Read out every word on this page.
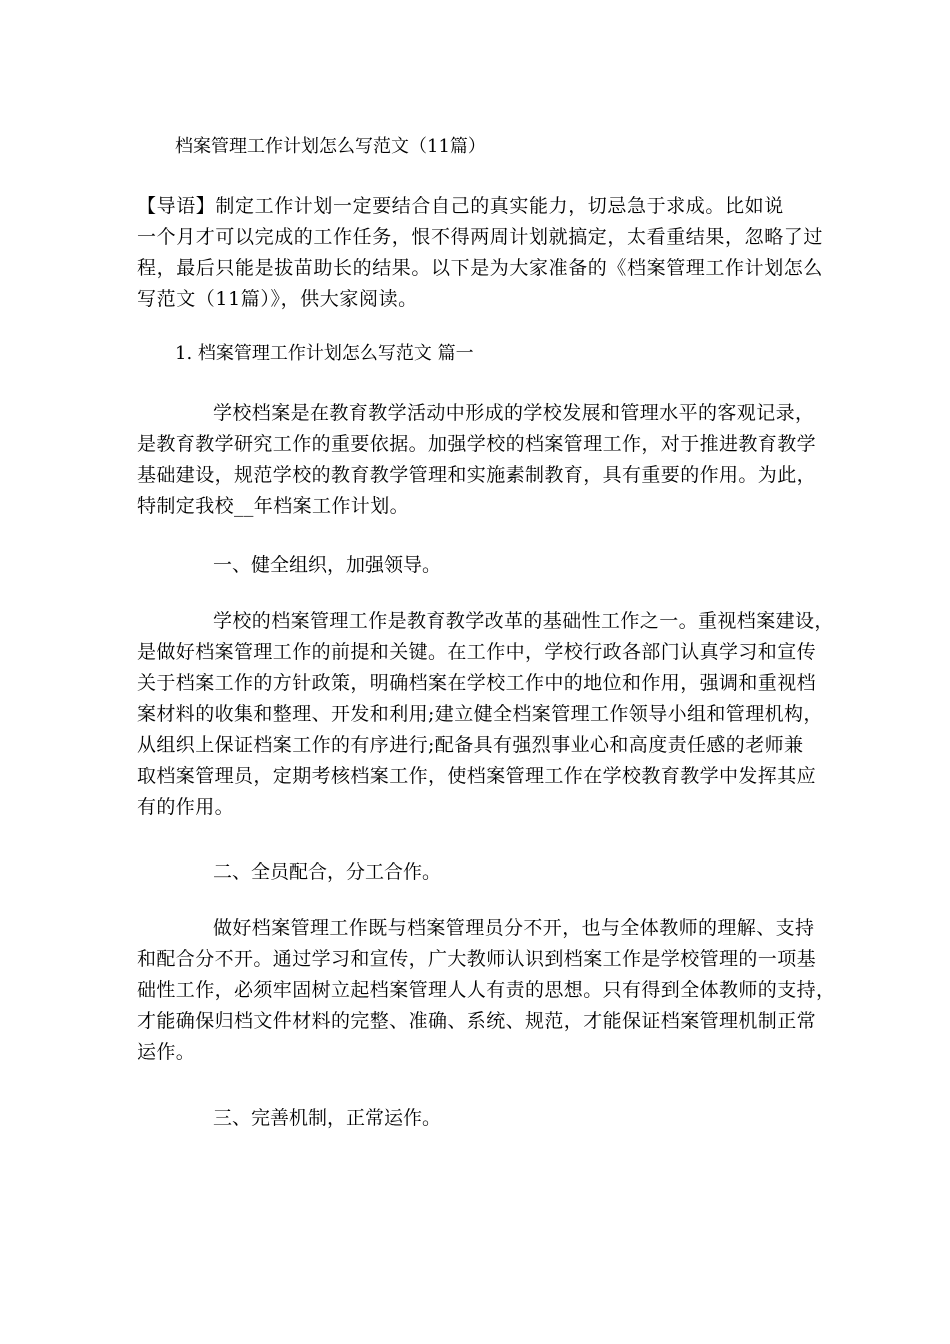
档案管理工作计划怎么写范文（11篇）
【导语】制定工作计划一定要结合自己的真实能力，切忌急于求成。比如说
一个月才可以完成的工作任务，恨不得两周计划就搞定，太看重结果，忽略了过
程，最后只能是拔苗助长的结果。以下是为大家准备的《档案管理工作计划怎么
写范文（11篇）》，供大家阅读。
1. 档案管理工作计划怎么写范文 篇一
学校档案是在教育教学活动中形成的学校发展和管理水平的客观记录，
是教育教学研究工作的重要依据。加强学校的档案管理工作，对于推进教育教学
基础建设，规范学校的教育教学管理和实施素制教育，具有重要的作用。为此，
特制定我校__年档案工作计划。
一、健全组织，加强领导。
学校的档案管理工作是教育教学改革的基础性工作之一。重视档案建设，
是做好档案管理工作的前提和关键。在工作中，学校行政各部门认真学习和宣传
关于档案工作的方针政策，明确档案在学校工作中的地位和作用，强调和重视档
案材料的收集和整理、开发和利用;建立健全档案管理工作领导小组和管理机构，
从组织上保证档案工作的有序进行;配备具有强烈事业心和高度责任感的老师兼
取档案管理员，定期考核档案工作，使档案管理工作在学校教育教学中发挥其应
有的作用。
二、全员配合，分工合作。
做好档案管理工作既与档案管理员分不开，也与全体教师的理解、支持
和配合分不开。通过学习和宣传，广大教师认识到档案工作是学校管理的一项基
础性工作，必须牢固树立起档案管理人人有责的思想。只有得到全体教师的支持，
才能确保归档文件材料的完整、准确、系统、规范，才能保证档案管理机制正常
运作。
三、完善机制，正常运作。
